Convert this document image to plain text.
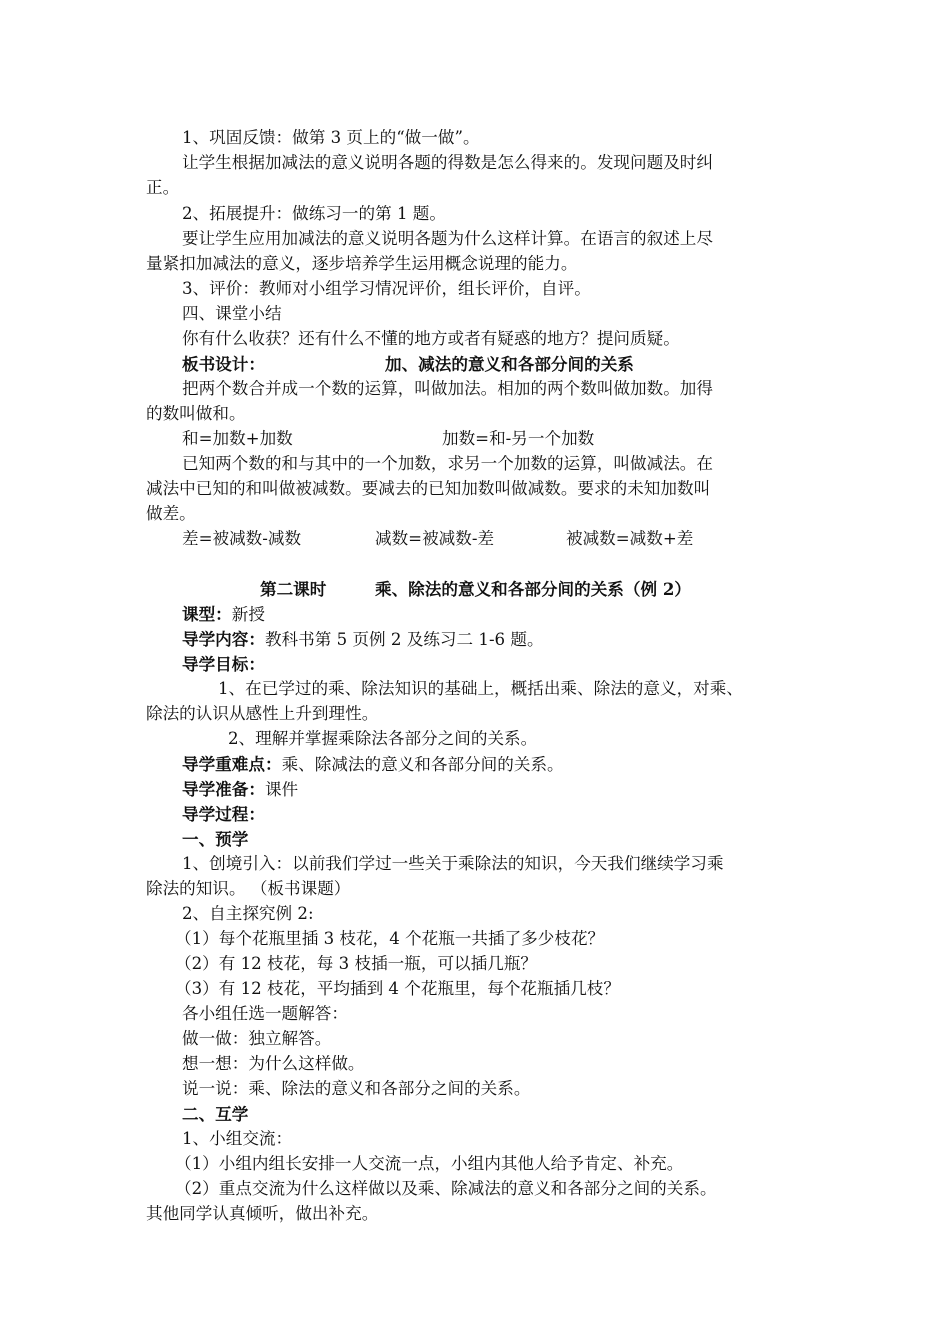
1、巩固反馈：做第 3 页上的“做一做”。
让学生根据加减法的意义说明各题的得数是怎么得来的。发现问题及时纠
正。
2、拓展提升：做练习一的第 1 题。
要让学生应用加减法的意义说明各题为什么这样计算。在语言的叙述上尽
量紧扣加减法的意义，逐步培养学生运用概念说理的能力。
3、评价：教师对小组学习情况评价，组长评价，自评。
四、课堂小结
你有什么收获？还有什么不懂的地方或者有疑惑的地方？提问质疑。
板书设计：	加、减法的意义和各部分间的关系
把两个数合并成一个数的运算，叫做加法。相加的两个数叫做加数。加得
的数叫做和。
和=加数+加数	加数=和-另一个加数
已知两个数的和与其中的一个加数，求另一个加数的运算，叫做减法。在
减法中已知的和叫做被减数。要减去的已知加数叫做减数。要求的未知加数叫
做差。
差=被减数-减数	减数=被减数-差	被减数=减数+差
第二课时	乘、除法的意义和各部分间的关系（例 2）
课型：新授
导学内容：教科书第 5 页例 2 及练习二 1-6 题。
导学目标：
1、在已学过的乘、除法知识的基础上，概括出乘、除法的意义，对乘、
除法的认识从感性上升到理性。
2、理解并掌握乘除法各部分之间的关系。
导学重难点：乘、除减法的意义和各部分间的关系。
导学准备：课件
导学过程：
一、预学
1、创境引入：以前我们学过一些关于乘除法的知识，今天我们继续学习乘
除法的知识。 （板书课题）
2、自主探究例 2:
（1）每个花瓶里插 3 枝花，4 个花瓶一共插了多少枝花？
（2）有 12 枝花，每 3 枝插一瓶，可以插几瓶？
（3）有 12 枝花，平均插到 4 个花瓶里，每个花瓶插几枝？
各小组任选一题解答：
做一做：独立解答。
想一想：为什么这样做。
说一说：乘、除法的意义和各部分之间的关系。
二、互学
1、小组交流：
（1）小组内组长安排一人交流一点，小组内其他人给予肯定、补充。
（2）重点交流为什么这样做以及乘、除减法的意义和各部分之间的关系。
其他同学认真倾听，做出补充。
